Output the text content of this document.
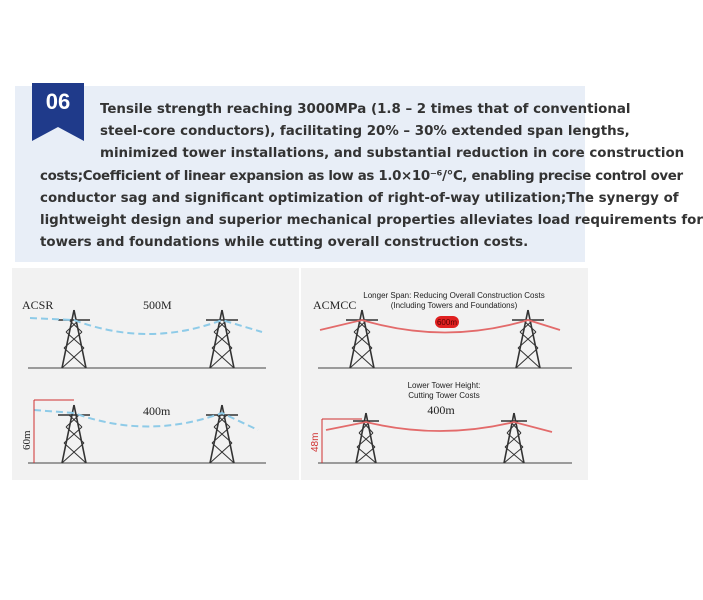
06	Tensile strength reaching 3000MPa (1.8 – 2 times that of conventional
steel-core conductors), facilitating 20% – 30% extended span lengths,
minimized tower installations, and substantial reduction in core construction
costs;Coefficient of linear expansion as low as 1.0×10⁻⁶/°C, enabling precise control over
conductor sag and significant optimization of right-of-way utilization;The synergy of
lightweight design and superior mechanical properties alleviates load requirements for
towers and foundations while cutting overall construction costs.
ACSR	500M
400m
60m
ACMCC
Longer Span: Reducing Overall Construction Costs
(Including Towers and Foundations)
600m
Lower Tower Height:
Cutting Tower Costs
400m
48m
